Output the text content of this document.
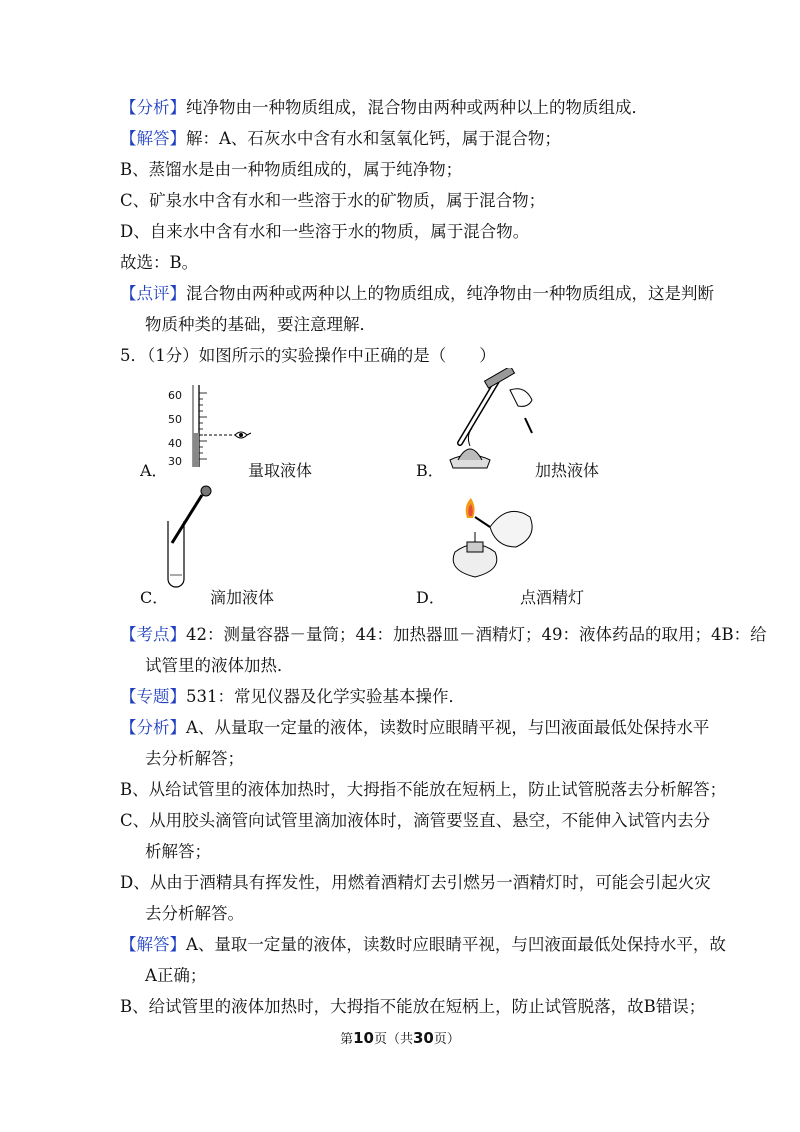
【分析】纯净物由一种物质组成，混合物由两种或两种以上的物质组成．
【解答】解：A、石灰水中含有水和氢氧化钙，属于混合物；
B、蒸馏水是由一种物质组成的，属于纯净物；
C、矿泉水中含有水和一些溶于水的矿物质，属于混合物；
D、自来水中含有水和一些溶于水的物质，属于混合物。
故选：B。
【点评】混合物由两种或两种以上的物质组成，纯净物由一种物质组成，这是判断
物质种类的基础，要注意理解．
5．（1分）如图所示的实验操作中正确的是（　　）
60
50
40
30
A．	量取液体	B．	加热液体
C．	滴加液体	D．	点酒精灯
【考点】42：测量容器－量筒；44：加热器皿－酒精灯；49：液体药品的取用；4B：给
试管里的液体加热．
【专题】531：常见仪器及化学实验基本操作．
【分析】A、从量取一定量的液体，读数时应眼睛平视，与凹液面最低处保持水平
去分析解答；
B、从给试管里的液体加热时，大拇指不能放在短柄上，防止试管脱落去分析解答；
C、从用胶头滴管向试管里滴加液体时，滴管要竖直、悬空，不能伸入试管内去分
析解答；
D、从由于酒精具有挥发性，用燃着酒精灯去引燃另一酒精灯时，可能会引起火灾
去分析解答。
【解答】A、量取一定量的液体，读数时应眼睛平视，与凹液面最低处保持水平，故
A正确；
B、给试管里的液体加热时，大拇指不能放在短柄上，防止试管脱落，故B错误；
第10页（共30页）
